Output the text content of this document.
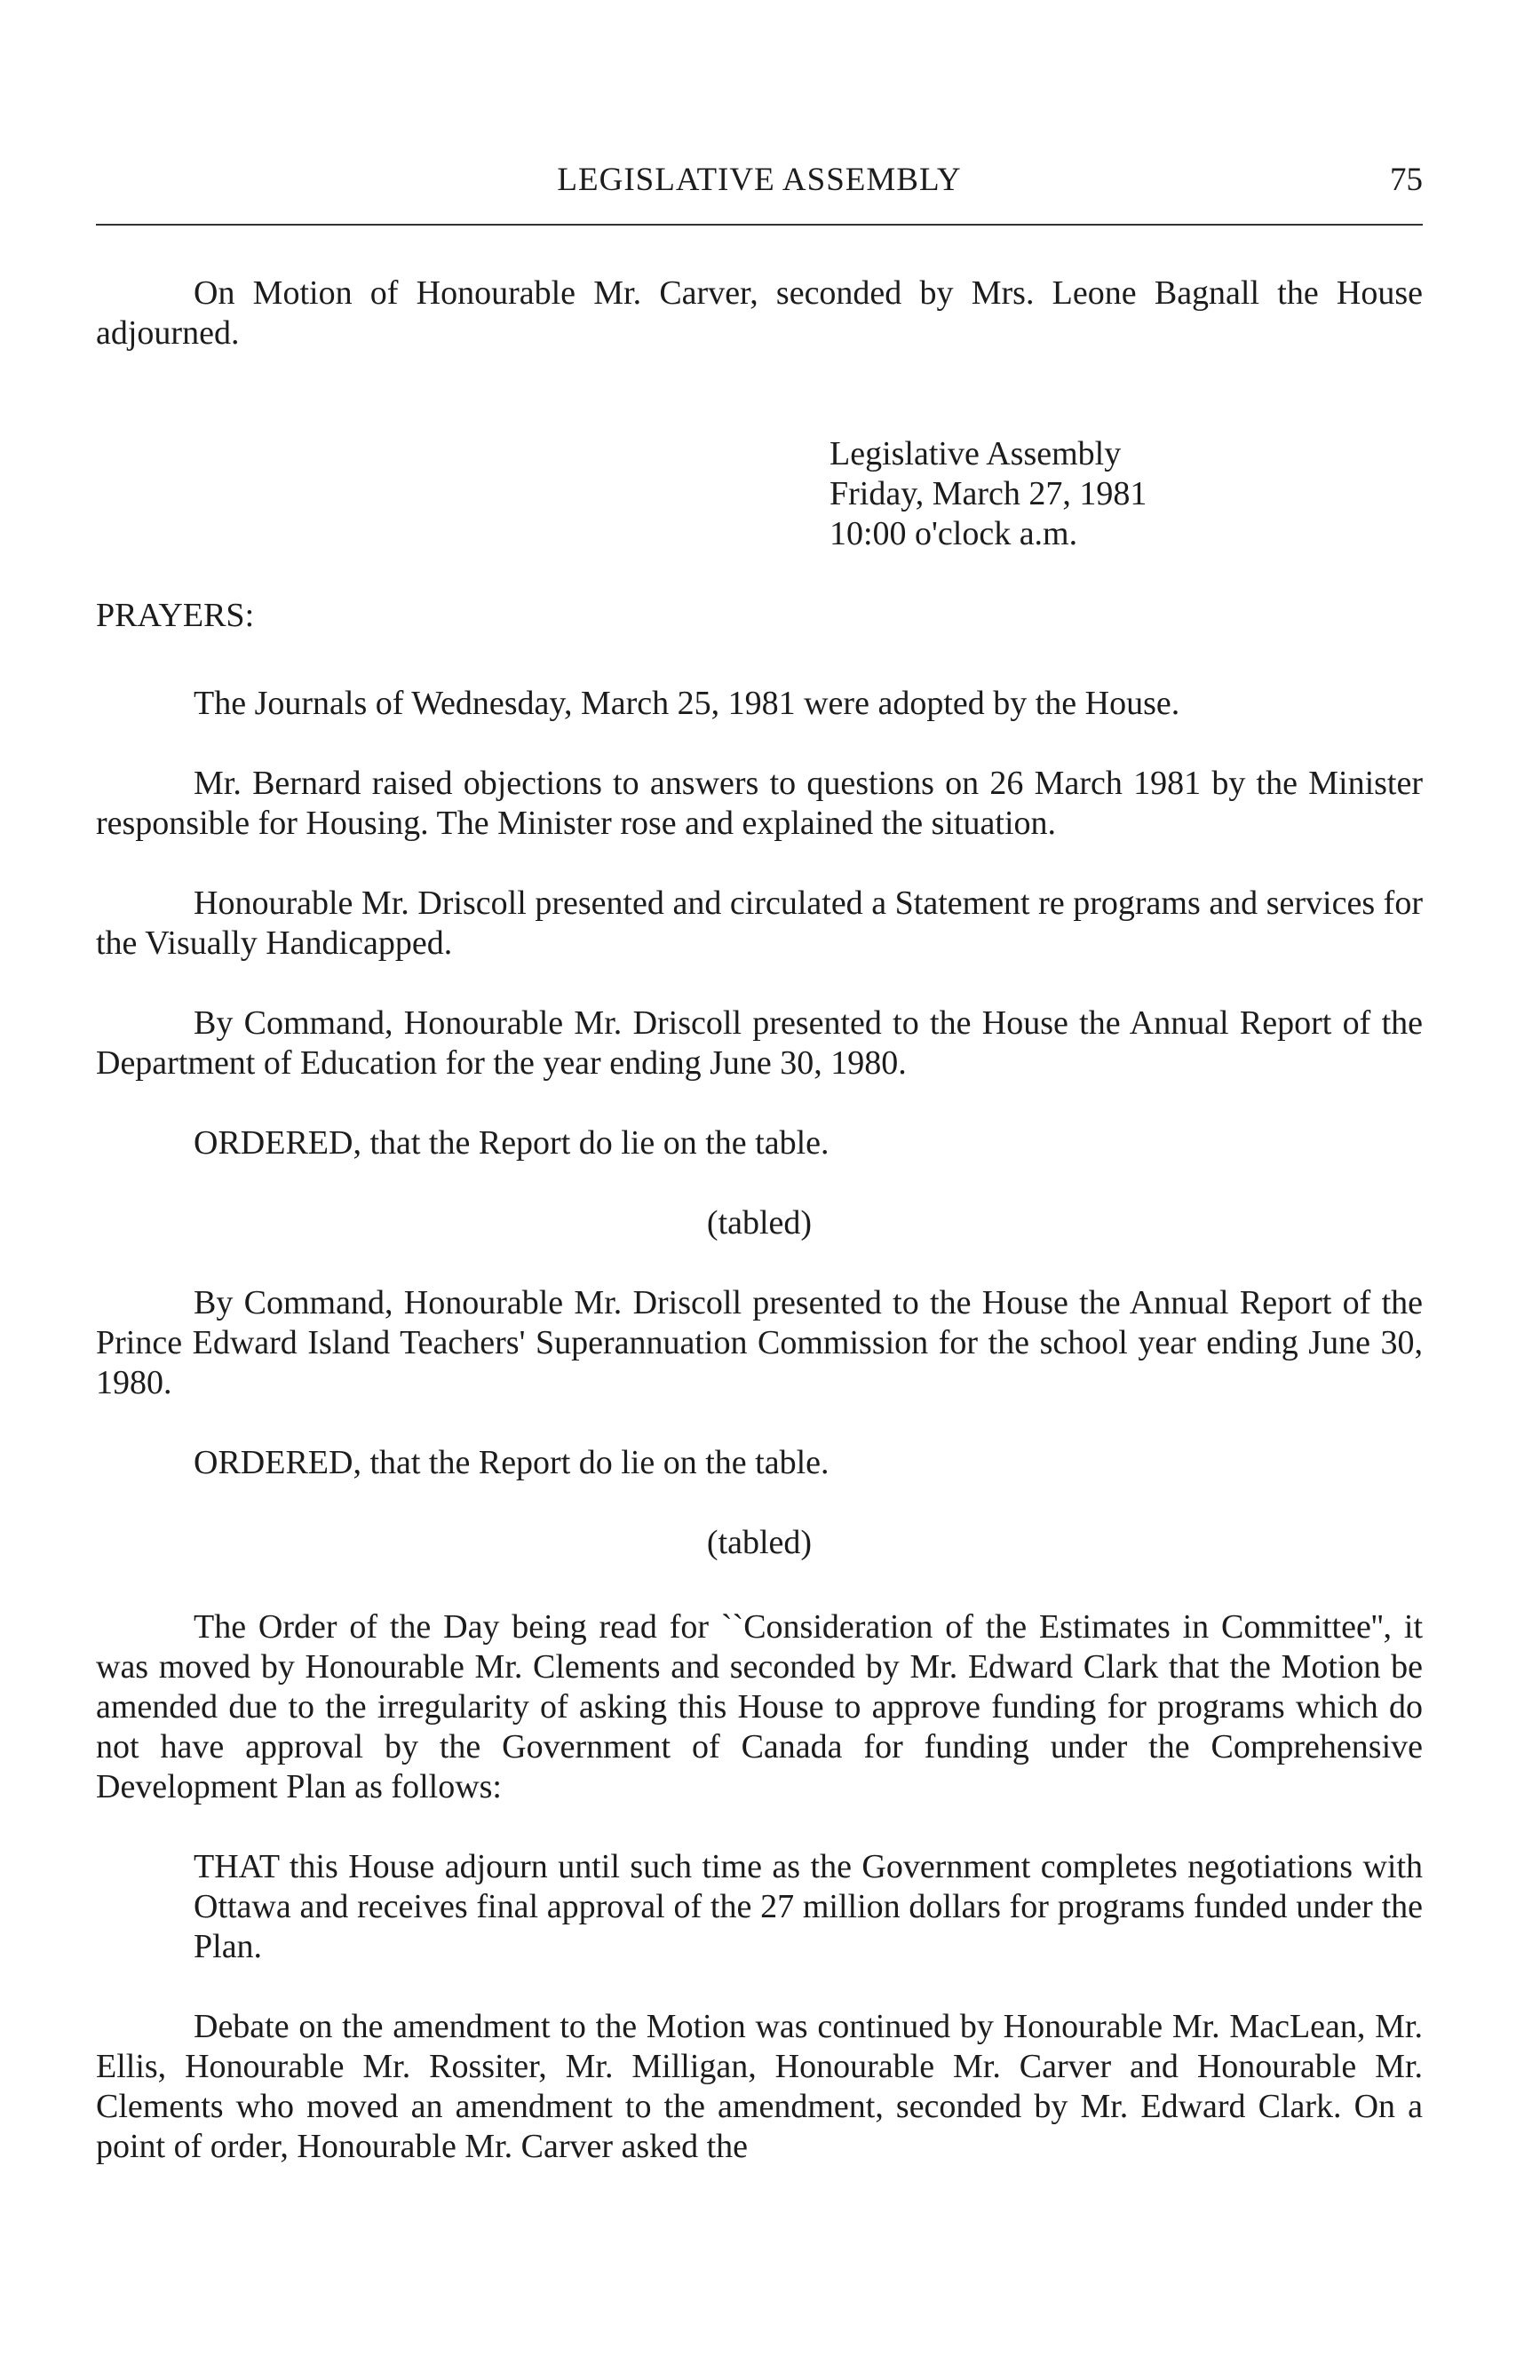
LEGISLATIVE ASSEMBLY	75

On Motion of Honourable Mr. Carver, seconded by Mrs. Leone Bagnall the House adjourned.

Legislative Assembly
Friday, March 27, 1981
10:00 o'clock a.m.
PRAYERS:

The Journals of Wednesday, March 25, 1981 were adopted by the House.

Mr. Bernard raised objections to answers to questions on 26 March 1981 by the Minister responsible for Housing. The Minister rose and explained the situation.

Honourable Mr. Driscoll presented and circulated a Statement re programs and services for the Visually Handicapped.

By Command, Honourable Mr. Driscoll presented to the House the Annual Report of the Department of Education for the year ending June 30, 1980.

ORDERED, that the Report do lie on the table.

(tabled)

By Command, Honourable Mr. Driscoll presented to the House the Annual Report of the Prince Edward Island Teachers' Superannuation Commission for the school year ending June 30, 1980.

ORDERED, that the Report do lie on the table.

(tabled)

The Order of the Day being read for ``Consideration of the Estimates in Committee'', it was moved by Honourable Mr. Clements and seconded by Mr. Edward Clark that the Motion be amended due to the irregularity of asking this House to approve funding for programs which do not have approval by the Government of Canada for funding under the Comprehensive Development Plan as follows:

THAT this House adjourn until such time as the Government completes negotiations with Ottawa and receives final approval of the 27 million dollars for programs funded under the Plan.

Debate on the amendment to the Motion was continued by Honourable Mr. MacLean, Mr. Ellis, Honourable Mr. Rossiter, Mr. Milligan, Honourable Mr. Carver and Honourable Mr. Clements who moved an amendment to the amendment, seconded by Mr. Edward Clark. On a point of order, Honourable Mr. Carver asked the
